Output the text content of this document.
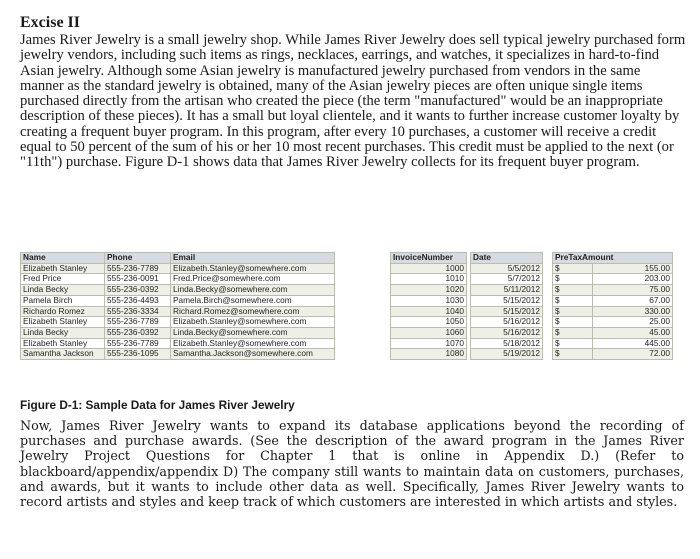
Excise II

James River Jewelry is a small jewelry shop. While James River Jewelry does sell typical jewelry purchased form jewelry vendors, including such items as rings, necklaces, earrings, and watches, it specializes in hard-to-find Asian jewelry. Although some Asian jewelry is manufactured jewelry purchased from vendors in the same manner as the standard jewelry is obtained, many of the Asian jewelry pieces are often unique single items purchased directly from the artisan who created the piece (the term "manufactured" would be an inappropriate description of these pieces). It has a small but loyal clientele, and it wants to further increase customer loyalty by creating a frequent buyer program. In this program, after every 10 purchases, a customer will receive a credit equal to 50 percent of the sum of his or her 10 most recent purchases. This credit must be applied to the next (or "11th") purchase. Figure D-1 shows data that James River Jewelry collects for its frequent buyer program.

Name	Phone	Email		InvoiceNumber		Date		PreTaxAmount	
Elizabeth Stanley	555-236-7789	Elizabeth.Stanley@somewhere.com		1000		5/5/2012		$	155.00
Fred Price	555-236-0091	Fred.Price@somewhere.com		1010		5/7/2012		$	203.00
Linda Becky	555-236-0392	Linda.Becky@somewhere.com		1020		5/11/2012		$	75.00
Pamela Birch	555-236-4493	Pamela.Birch@somewhere.com		1030		5/15/2012		$	67.00
Richardo Romez	555-236-3334	Richard.Romez@somewhere.com		1040		5/15/2012		$	330.00
Elizabeth Stanley	555-236-7789	Elizabeth.Stanley@somewhere.com		1050		5/16/2012		$	25.00
Linda Becky	555-236-0392	Linda.Becky@somewhere.com		1060		5/16/2012		$	45.00
Elizabeth Stanley	555-236-7789	Elizabeth.Stanley@somewhere.com		1070		5/18/2012		$	445.00
Samantha Jackson	555-236-1095	Samantha.Jackson@somewhere.com		1080		5/19/2012		$	72.00
Figure D-1: Sample Data for James River Jewelry

Now, James River Jewelry wants to expand its database applications beyond the recording of purchases and purchase awards. (See the description of the award program in the James River Jewelry Project Questions for Chapter 1 that is online in Appendix D.) (Refer to blackboard/appendix/appendix D) The company still wants to maintain data on customers, purchases, and awards, but it wants to include other data as well. Specifically, James River Jewelry wants to record artists and styles and keep track of which customers are interested in which artists and styles.
